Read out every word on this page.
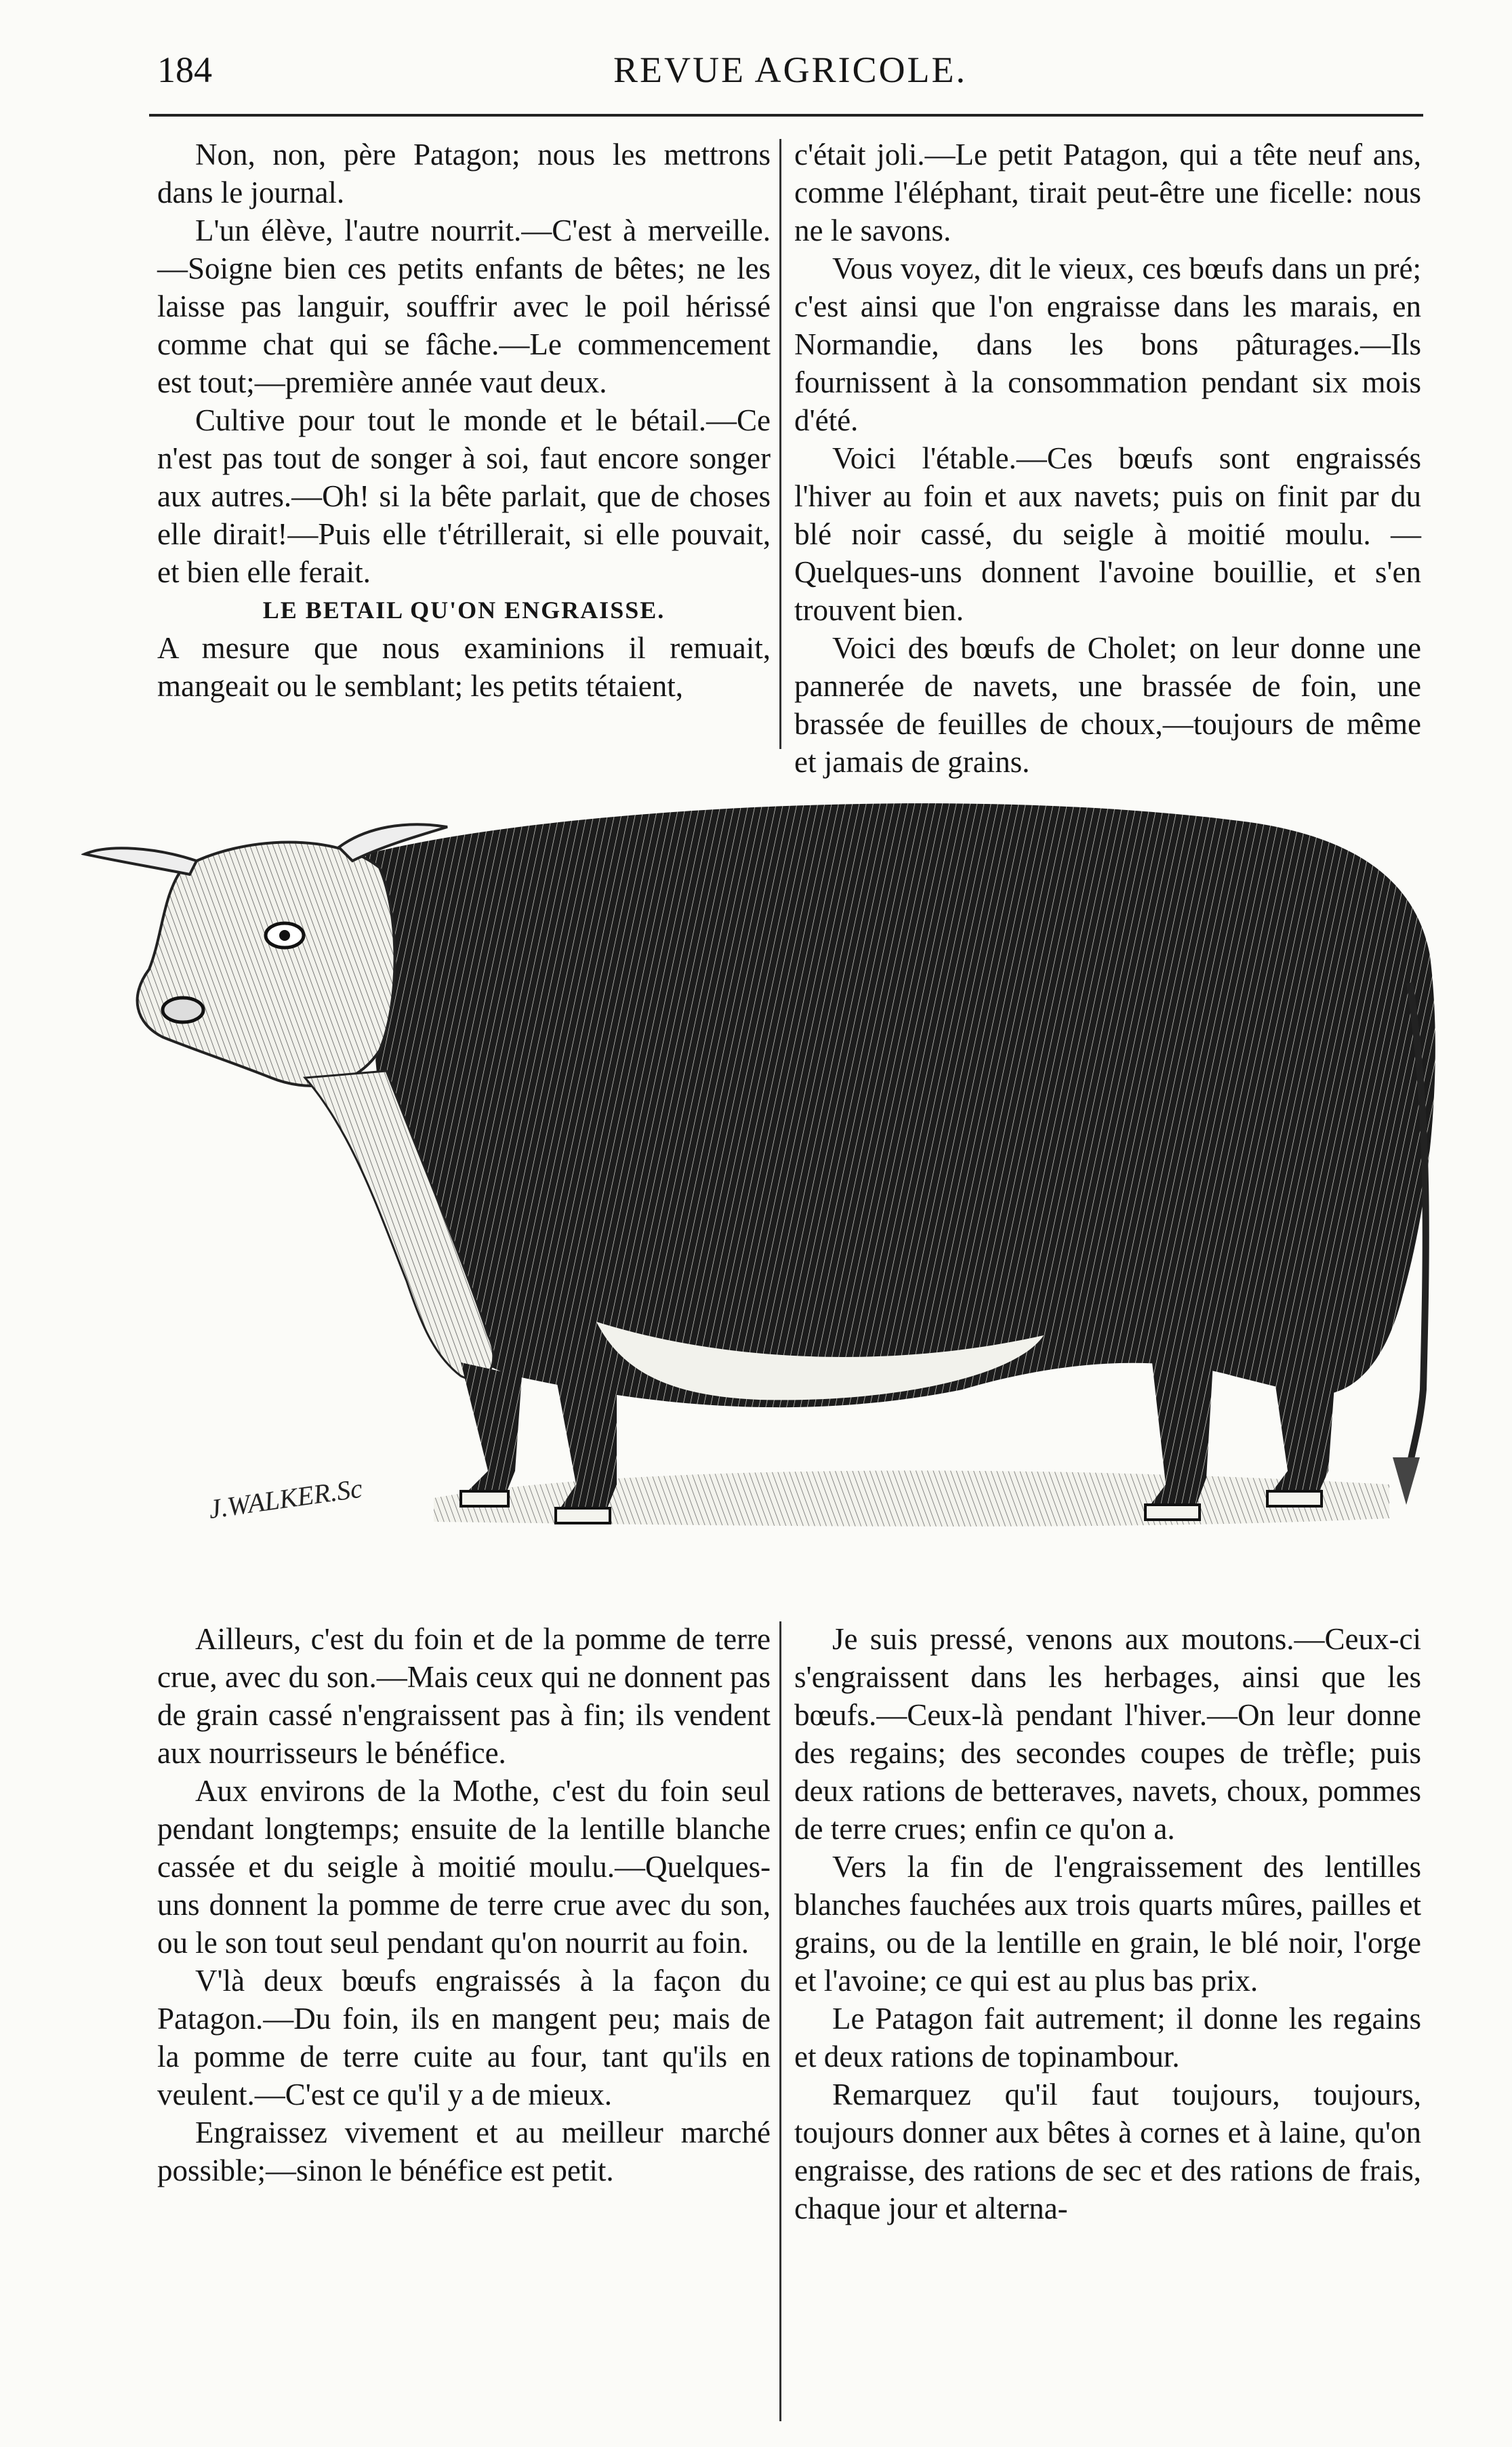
184	REVUE AGRICOLE.

Non, non, père Patagon; nous les mettrons dans le journal.

L'un élève, l'autre nourrit.—C'est à merveille.—Soigne bien ces petits enfants de bêtes; ne les laisse pas languir, souffrir avec le poil hérissé comme chat qui se fâche.—Le commencement est tout;—première année vaut deux.

Cultive pour tout le monde et le bétail.—Ce n'est pas tout de songer à soi, faut encore songer aux autres.—Oh! si la bête parlait, que de choses elle dirait!—Puis elle t'étrillerait, si elle pouvait, et bien elle ferait.

LE BETAIL QU'ON ENGRAISSE.

A mesure que nous examinions il remuait, mangeait ou le semblant; les petits tétaient,

c'était joli.—Le petit Patagon, qui a tête neuf ans, comme l'éléphant, tirait peut-être une ficelle: nous ne le savons.

Vous voyez, dit le vieux, ces bœufs dans un pré; c'est ainsi que l'on engraisse dans les marais, en Normandie, dans les bons pâturages.—Ils fournissent à la consommation pendant six mois d'été.

Voici l'étable.—Ces bœufs sont engraissés l'hiver au foin et aux navets; puis on finit par du blé noir cassé, du seigle à moitié moulu. — Quelques-uns donnent l'avoine bouillie, et s'en trouvent bien.

Voici des bœufs de Cholet; on leur donne une pannerée de navets, une brassée de foin, une brassée de feuilles de choux,—toujours de même et jamais de grains.

J.WALKER.Sc

Ailleurs, c'est du foin et de la pomme de terre crue, avec du son.—Mais ceux qui ne donnent pas de grain cassé n'engraissent pas à fin; ils vendent aux nourrisseurs le bénéfice.

Aux environs de la Mothe, c'est du foin seul pendant longtemps; ensuite de la lentille blanche cassée et du seigle à moitié moulu.—Quelques-uns donnent la pomme de terre crue avec du son, ou le son tout seul pendant qu'on nourrit au foin.

V'là deux bœufs engraissés à la façon du Patagon.—Du foin, ils en mangent peu; mais de la pomme de terre cuite au four, tant qu'ils en veulent.—C'est ce qu'il y a de mieux.

Engraissez vivement et au meilleur marché possible;—sinon le bénéfice est petit.

Je suis pressé, venons aux moutons.—Ceux-ci s'engraissent dans les herbages, ainsi que les bœufs.—Ceux-là pendant l'hiver.—On leur donne des regains; des secondes coupes de trèfle; puis deux rations de betteraves, navets, choux, pommes de terre crues; enfin ce qu'on a.

Vers la fin de l'engraissement des lentilles blanches fauchées aux trois quarts mûres, pailles et grains, ou de la lentille en grain, le blé noir, l'orge et l'avoine; ce qui est au plus bas prix.

Le Patagon fait autrement; il donne les regains et deux rations de topinambour.

Remarquez qu'il faut toujours, toujours, toujours donner aux bêtes à cornes et à laine, qu'on engraisse, des rations de sec et des rations de frais, chaque jour et alterna-
